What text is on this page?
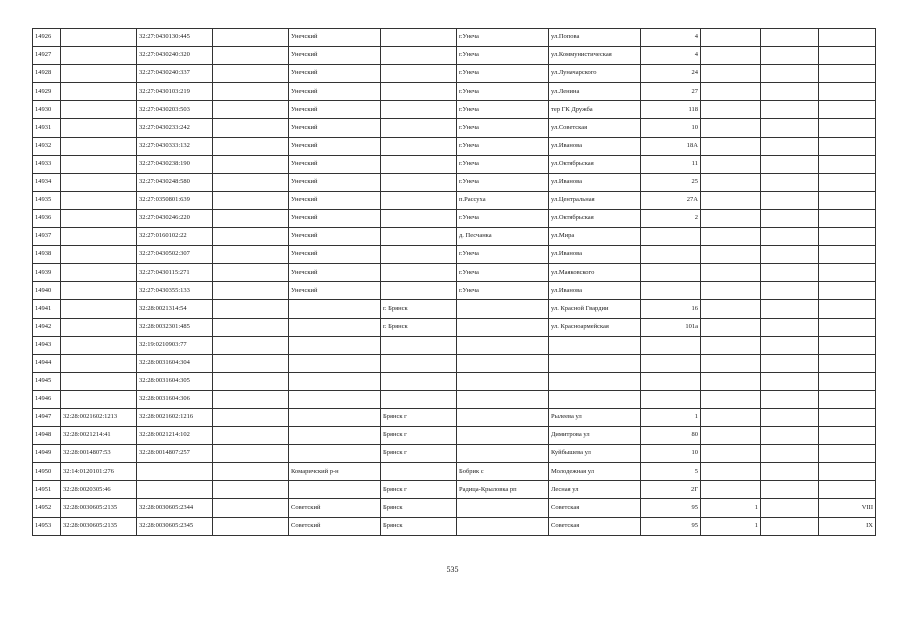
14926		32:27:0430130:445		Унечский		г.Унеча	ул.Попова	4			
14927		32:27:0430240:320		Унечский		г.Унеча	ул.Коммунистическая	4			
14928		32:27:0430240:337		Унечский		г.Унеча	ул.Луначарского	24			
14929		32:27:0430103:219		Унечский		г.Унеча	ул.Ленина	27			
14930		32:27:0430203:503		Унечский		г.Унеча	тер ГК Дружба	118			
14931		32:27:0430233:242		Унечский		г.Унеча	ул.Советская	10			
14932		32:27:0430333:132		Унечский		г.Унеча	ул.Иванова	18А			
14933		32:27:0430238:190		Унечский		г.Унеча	ул.Октябрьская	11			
14934		32:27:0430248:580		Унечский		г.Унеча	ул.Иванова	25			
14935		32:27:0350801:639		Унечский		п.Рассуха	ул.Центральная	27А			
14936		32:27:0430246:220		Унечский		г.Унеча	ул.Октябрьская	2			
14937		32:27:0160102:22		Унечский		д. Песчанка	ул.Мира				
14938		32:27:0430502:307		Унечский		г.Унеча	ул.Иванова				
14939		32:27:0430115:271		Унечский		г.Унеча	ул.Маяковского				
14940		32:27:0430355:133		Унечский		г.Унеча	ул.Иванова				
14941		32:28:0021314:54			г. Брянск		ул. Красной Гвардии	16			
14942		32:28:0032301:485			г. Брянск		ул. Красноармейская	101а			
14943		32:19:0210903:77									
14944		32:28:0031604:304									
14945		32:28:0031604:305									
14946		32:28:0031604:306									
14947	32:28:0021602:1213	32:28:0021602:1216			Брянск г		Рылеева ул	1			
14948	32:28:0021214:41	32:28:0021214:102			Брянск г		Димитрова ул	80			
14949	32:28:0014807:53	32:28:0014807:257			Брянск г		Куйбышева ул	10			
14950	32:14:0120101:276			Комаричский р-н		Бобрик с	Молодежная ул	5			
14951	32:28:0020305:46				Брянск г	Радица-Крыловка рп	Лесная ул	2Г			
14952	32:28:0030605:2135	32:28:0030605:2344		Советский	Брянск		Советская	95	1		VIII
14953	32:28:0030605:2135	32:28:0030605:2345		Советский	Брянск		Советская	95	1		IX
535
